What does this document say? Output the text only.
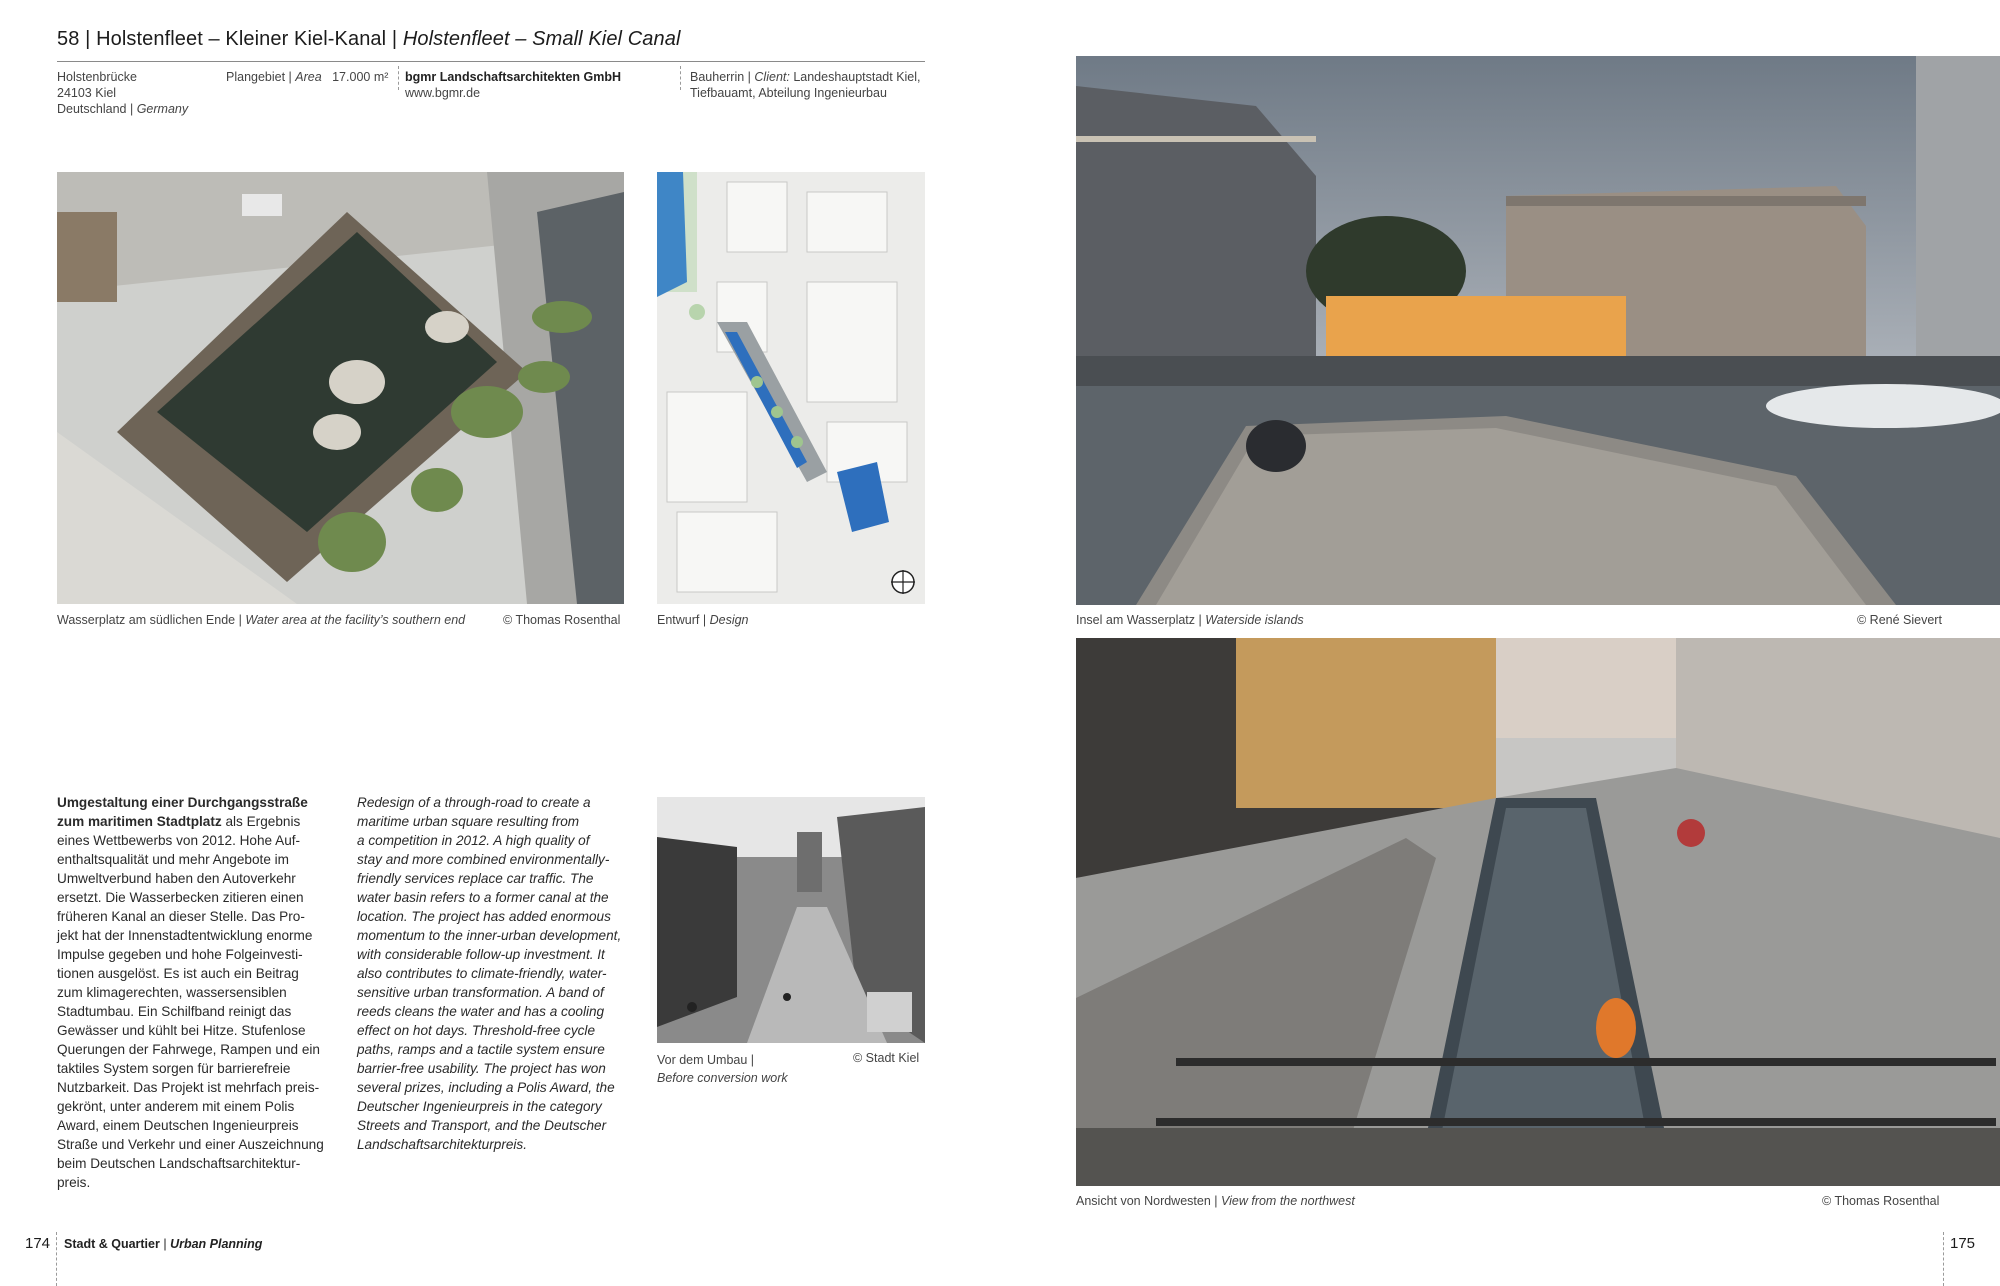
58 | Holstenfleet – Kleiner Kiel-Kanal | Holstenfleet – Small Kiel Canal
Holstenbrücke
24103 Kiel
Deutschland | Germany
Plangebiet | Area 17.000 m² bgmr Landschaftsarchitekten GmbH
www.bgmr.de
Bauherrin | Client: Landeshauptstadt Kiel,
Tiefbauamt, Abteilung Ingenieurbau
Wasserplatz am südlichen Ende | Water area at the facility’s southern end	© Thomas Rosenthal	Entwurf | Design
Umgestaltung einer Durchgangsstraße zum maritimen Stadtplatz als Ergebnis
eines Wettbewerbs von 2012. Hohe Auf-
enthaltsqualität und mehr Angebote im
Umweltverbund haben den Autoverkehr
ersetzt. Die Wasserbecken zitieren einen
früheren Kanal an dieser Stelle. Das Pro-
jekt hat der Innenstadtentwicklung enorme
Impulse gegeben und hohe Folgeinvesti-
tionen ausgelöst. Es ist auch ein Beitrag
zum klimagerechten, wassersensiblen
Stadtumbau. Ein Schilfband reinigt das
Gewässer und kühlt bei Hitze. Stufenlose
Querungen der Fahrwege, Rampen und ein
taktiles System sorgen für barrierefreie
Nutzbarkeit. Das Projekt ist mehrfach preis-
gekrönt, unter anderem mit einem Polis
Award, einem Deutschen Ingenieurpreis
Straße und Verkehr und einer Auszeichnung
beim Deutschen Landschaftsarchitektur-
preis.
Redesign of a through-road to create a
maritime urban square resulting from
a competition in 2012. A high quality of
stay and more combined environmentally-
friendly services replace car traffic. The
water basin refers to a former canal at the
location. The project has added enormous
momentum to the inner-urban development,
with considerable follow-up investment. It
also contributes to climate-friendly, water-
sensitive urban transformation. A band of
reeds cleans the water and has a cooling
effect on hot days. Threshold-free cycle
paths, ramps and a tactile system ensure
barrier-free usability. The project has won
several prizes, including a Polis Award, the
Deutscher Ingenieurpreis in the category
Streets and Transport, and the Deutscher
Landschaftsarchitekturpreis.
Vor dem Umbau |
Before conversion work
© Stadt Kiel
Insel am Wasserplatz | Waterside islands	© René Sievert
Ansicht von Nordwesten | View from the northwest	© Thomas Rosenthal
174 Stadt & Quartier | Urban Planning	175
